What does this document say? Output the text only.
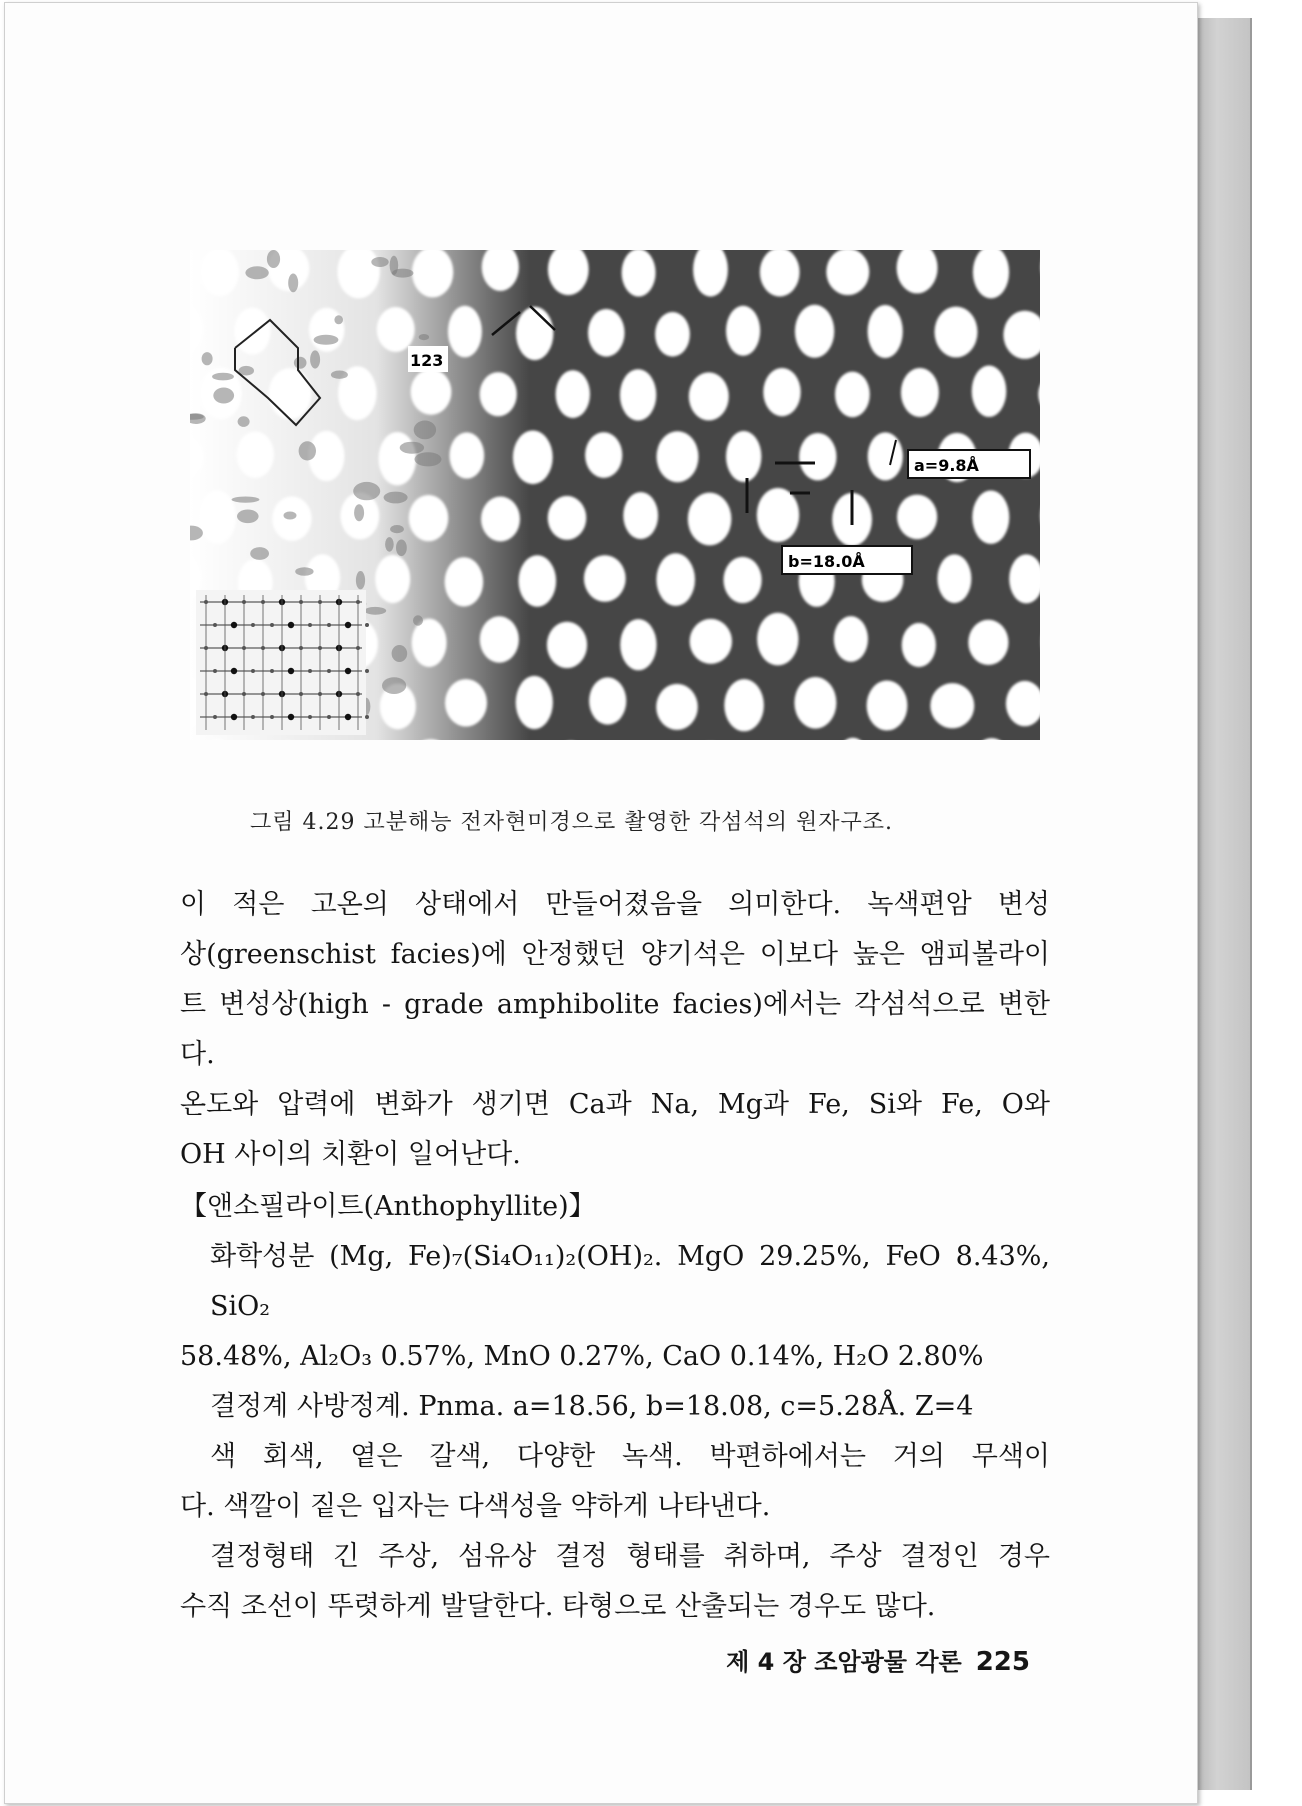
123
a=9.8Å
b=18.0Å
그림 4.29 고분해능 전자현미경으로 촬영한 각섬석의 원자구조.
이 적은 고온의 상태에서 만들어졌음을 의미한다. 녹색편암 변성
상(greenschist facies)에 안정했던 양기석은 이보다 높은 앰피볼라이
트 변성상(high - grade amphibolite facies)에서는 각섬석으로 변한다.
온도와 압력에 변화가 생기면 Ca과 Na, Mg과 Fe, Si와 Fe, O와
OH 사이의 치환이 일어난다.
【앤소필라이트(Anthophyllite)】
화학성분 (Mg, Fe)₇(Si₄O₁₁)₂(OH)₂. MgO 29.25%, FeO 8.43%, SiO₂
58.48%, Al₂O₃ 0.57%, MnO 0.27%, CaO 0.14%, H₂O 2.80%
결정계 사방정계. Pnma. a=18.56, b=18.08, c=5.28Å. Z=4
색 회색, 옅은 갈색, 다양한 녹색. 박편하에서는 거의 무색이
다. 색깔이 짙은 입자는 다색성을 약하게 나타낸다.
결정형태 긴 주상, 섬유상 결정 형태를 취하며, 주상 결정인 경우
수직 조선이 뚜렷하게 발달한다. 타형으로 산출되는 경우도 많다.
제 4 장 조암광물 각론 225
